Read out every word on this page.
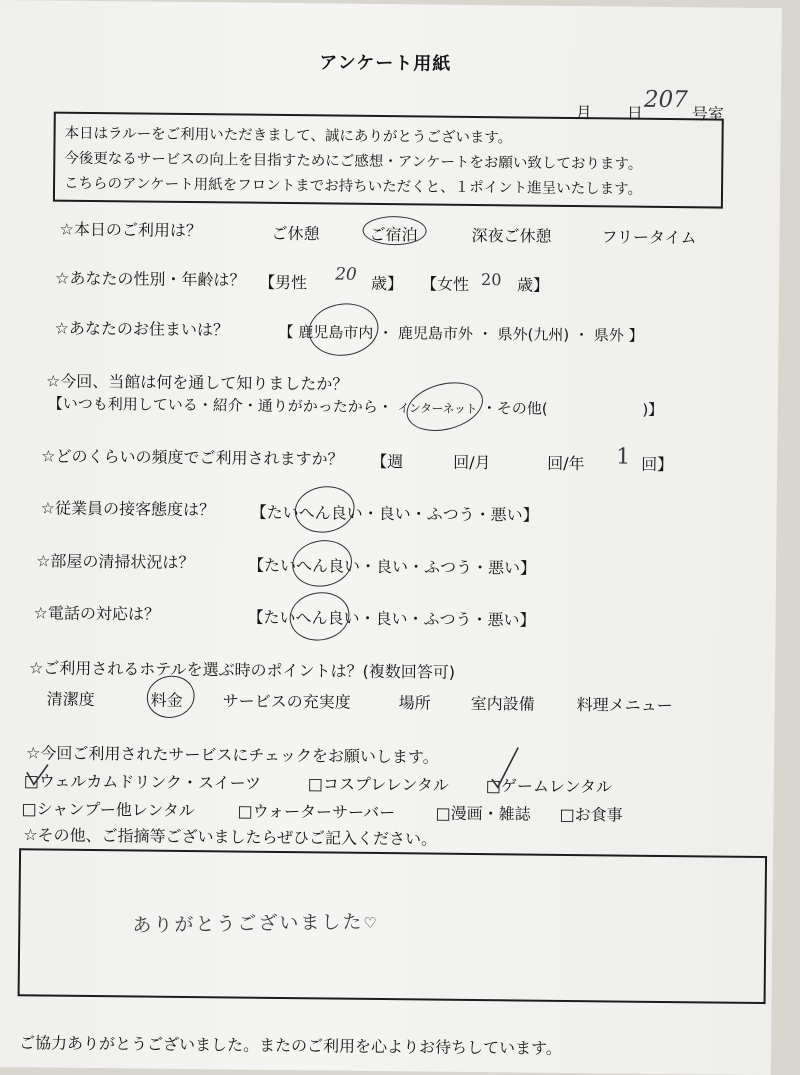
アンケート用紙
月 日 207
号室
本日はラルーをご利用いただきまして、誠にありがとうございます。
今後更なるサービスの向上を目指すためにご感想・アンケートをお願い致しております。
こちらのアンケート用紙をフロントまでお持ちいただくと、１ポイント進呈いたします。
☆本日のご利用は？	ご休憩	ご宿泊	深夜ご休憩	フリータイム
☆あなたの性別・年齢は？ 【男性 20 歳】 【女性 20 歳】
☆あなたのお住まいは？	【 鹿児島市内 ・ 鹿児島市外 ・ 県外(九州) ・ 県外 】
☆今回、当館は何を通して知りましたか？
【いつも利用している・紹介・通りがかったから・ インターネット ・その他(	)】
☆どのくらいの頻度でご利用されますか？ 【週	回/月	回/年 1 回】
☆従業員の接客態度は？ 【たいへん良い・良い・ふつう・悪い】
☆部屋の清掃状況は？	【たいへん良い・良い・ふつう・悪い】
☆電話の対応は？	【たいへん良い・良い・ふつう・悪い】
☆ご利用されるホテルを選ぶ時のポイントは？(複数回答可)
清潔度	料金 サービスの充実度	場所 室内設備	料理メニュー
☆今回ご利用されたサービスにチェックをお願いします。
□ ウェルカムドリンク・スイーツ	□ コスプレレンタル	□ ゲームレンタル
□ シャンプー他レンタル	□ ウォーターサーバー	□ 漫画・雑誌	□ お食事
☆その他、ご指摘等ございましたらぜひご記入ください。
ありがとうございました♡
ご協力ありがとうございました。またのご利用を心よりお待ちしています。
